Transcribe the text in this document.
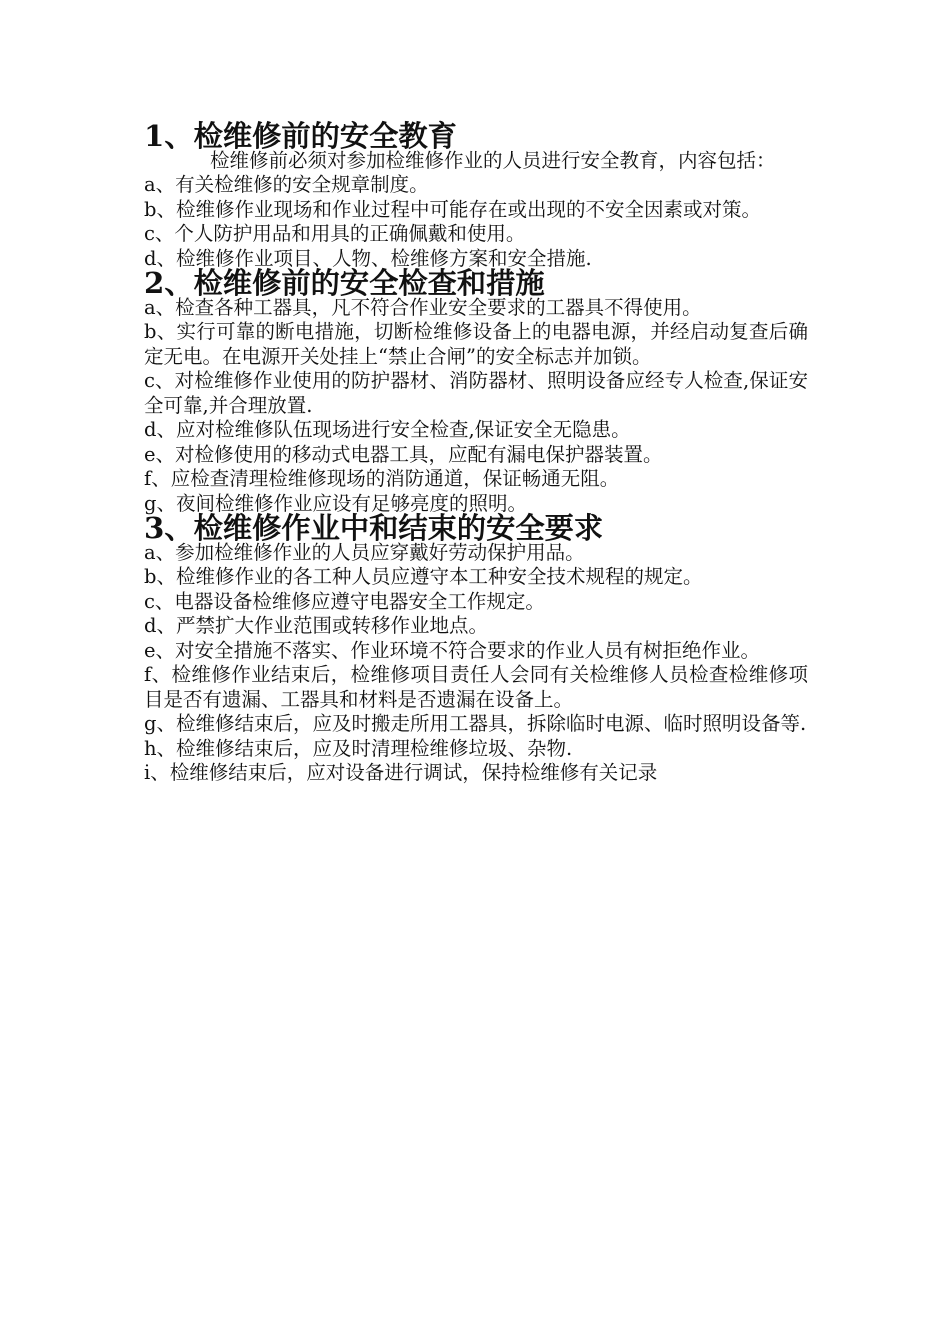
1、检维修前的安全教育

检维修前必须对参加检维修作业的人员进行安全教育，内容包括：

a、有关检维修的安全规章制度。

b、检维修作业现场和作业过程中可能存在或出现的不安全因素或对策。

c、个人防护用品和用具的正确佩戴和使用。

d、检维修作业项目、人物、检维修方案和安全措施.

2、检维修前的安全检查和措施

a、检查各种工器具，凡不符合作业安全要求的工器具不得使用。

b、实行可靠的断电措施，切断检维修设备上的电器电源，并经启动复查后确定无电。在电源开关处挂上“禁止合闸”的安全标志并加锁。

c、对检维修作业使用的防护器材、消防器材、照明设备应经专人检查,保证安全可靠,并合理放置.

d、应对检维修队伍现场进行安全检查,保证安全无隐患。

e、对检修使用的移动式电器工具，应配有漏电保护器装置。

f、应检查清理检维修现场的消防通道，保证畅通无阻。

g、夜间检维修作业应设有足够亮度的照明。

3、检维修作业中和结束的安全要求

a、参加检维修作业的人员应穿戴好劳动保护用品。

b、检维修作业的各工种人员应遵守本工种安全技术规程的规定。

c、电器设备检维修应遵守电器安全工作规定。

d、严禁扩大作业范围或转移作业地点。

e、对安全措施不落实、作业环境不符合要求的作业人员有树拒绝作业。

f、检维修作业结束后，检维修项目责任人会同有关检维修人员检查检维修项目是否有遗漏、工器具和材料是否遗漏在设备上。

g、检维修结束后，应及时搬走所用工器具，拆除临时电源、临时照明设备等.

h、检维修结束后，应及时清理检维修垃圾、杂物.

i、检维修结束后，应对设备进行调试，保持检维修有关记录
